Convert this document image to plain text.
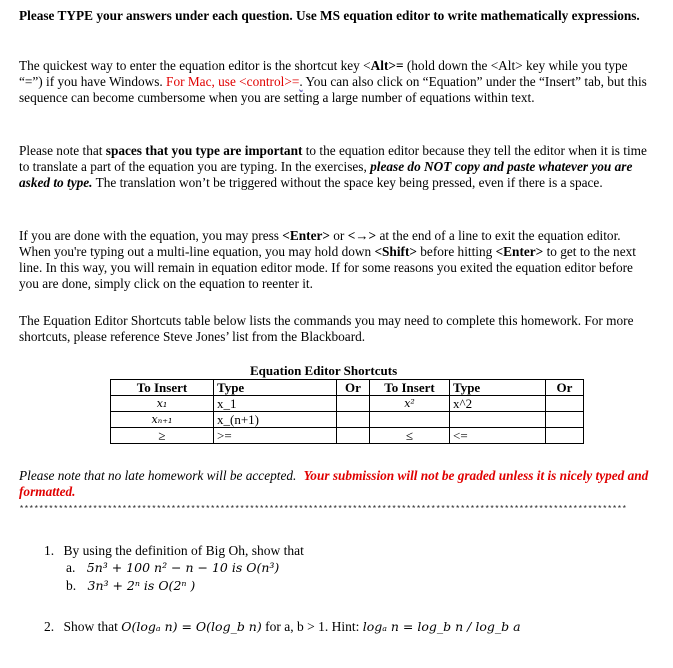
Please TYPE your answers under each question. Use MS equation editor to write mathematically expressions.
The quickest way to enter the equation editor is the shortcut key <Alt>= (hold down the <Alt> key while you type “=”) if you have Windows. For Mac, use <control>=. You can also click on “Equation” under the “Insert” tab, but this sequence can become cumbersome when you are setting a large number of equations within text.
Please note that spaces that you type are important to the equation editor because they tell the editor when it is time to translate a part of the equation you are typing. In the exercises, please do NOT copy and paste whatever you are asked to type. The translation won’t be triggered without the space key being pressed, even if there is a space.
If you are done with the equation, you may press <Enter> or <→> at the end of a line to exit the equation editor. When you're typing out a multi-line equation, you may hold down <Shift> before hitting <Enter> to get to the next line. In this way, you will remain in equation editor mode. If for some reasons you exited the equation editor before you are done, simply click on the equation to reenter it.
The Equation Editor Shortcuts table below lists the commands you may need to complete this homework. For more shortcuts, please reference Steve Jones’ list from the Blackboard.
Equation Editor Shortcuts
To Insert	Type	Or	To Insert	Type	Or
x₁	x_1		x²	x^2	
xₙ₊₁	x_(n+1)				
≥	>=		≤	<=	
Please note that no late homework will be accepted. Your submission will not be graded unless it is nicely typed and formatted.
****************************************************************************************************************************
1. By using the definition of Big Oh, show that
a. 5n³ + 100 n² − n − 10 is O(n³)
b. 3n³ + 2ⁿ is O(2ⁿ )
2. Show that O(logₐ n) = O(log_b n) for a, b > 1. Hint: logₐ n = log_b n / log_b a
